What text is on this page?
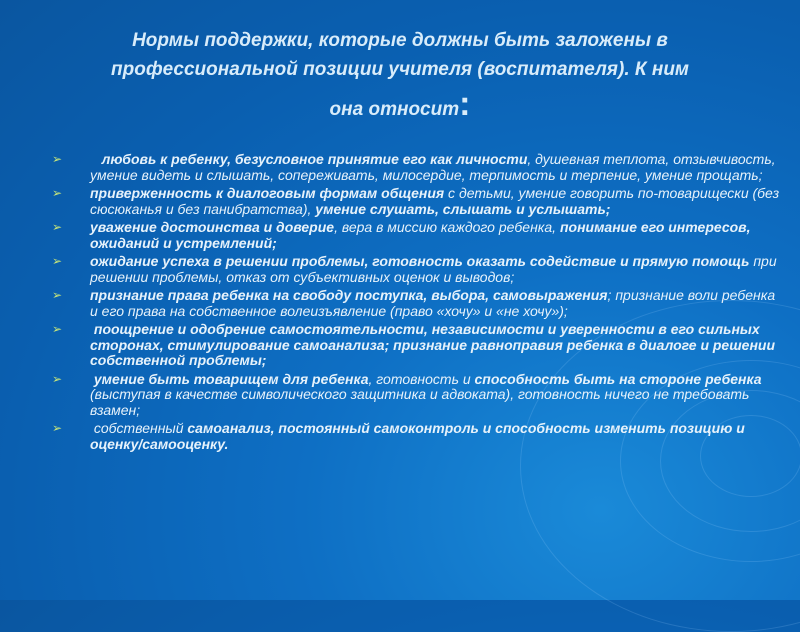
Нормы поддержки, которые должны быть заложены в
профессиональной позиции учителя (воспитателя). К ним
она относит:
➢	любовь к ребенку, безусловное принятие его как личности, душевная теплота, отзывчивость, умение видеть и слышать, сопереживать, милосердие, терпимость и терпение, умение прощать;
➢ приверженность к диалоговым формам общения с детьми, умение говорить по-товарищески (без сюсюканья и без панибратства), умение слушать, слышать и услышать;
➢ уважение достоинства и доверие, вера в миссию каждого ребенка, понимание его интересов, ожиданий и устремлений;
➢ ожидание успеха в решении проблемы, готовность оказать содействие и прямую помощь при решении проблемы, отказ от субъективных оценок и выводов;
➢ признание права ребенка на свободу поступка, выбора, самовыражения; признание воли ребенка и его права на собственное волеизъявление (право «хочу» и «не хочу»);
➢ поощрение и одобрение самостоятельности, независимости и уверенности в его сильных сторонах, стимулирование самоанализа; признание равноправия ребенка в диалоге и решении собственной проблемы;
➢ умение быть товарищем для ребенка, готовность и способность быть на стороне ребенка (выступая в качестве символического защитника и адвоката), готовность ничего не требовать взамен;
➢ собственный самоанализ, постоянный самоконтроль и способность изменить позицию и оценку/самооценку.
